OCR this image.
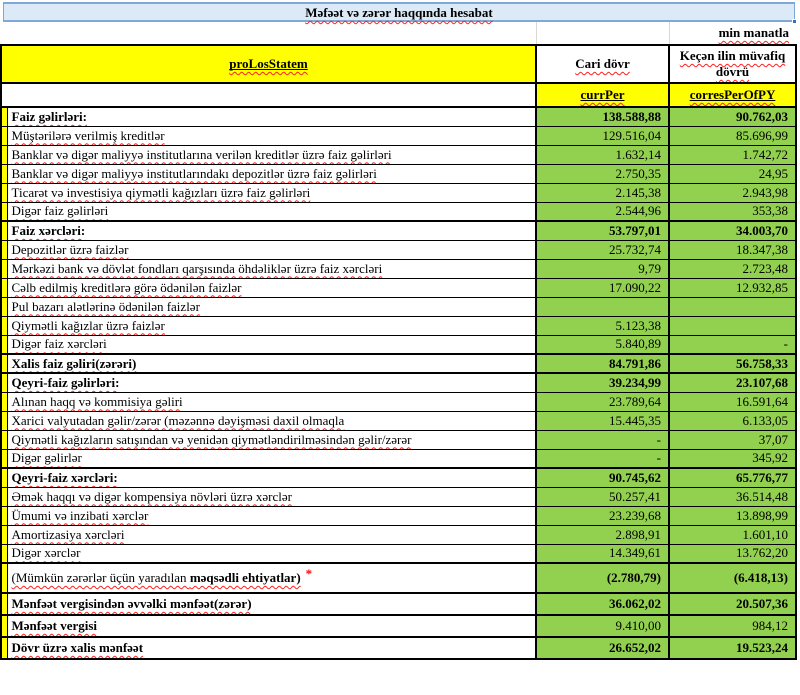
Məfəət və zərər haqqında hesabat
min manatla
proLosStatem		Cari dövr	Keçən ilin müvafiq dövrü
		currPer	corresPerOfPY
	Faiz gəlirləri:	138.588,88	90.762,03
	Müştərilərə verilmiş kreditlər	129.516,04	85.696,99
	Banklar və digər maliyyə institutlarına verilən kreditlər üzrə faiz gəlirləri	1.632,14	1.742,72
	Banklar və digər maliyyə institutlarındakı depozitlər üzrə faiz gəlirləri	2.750,35	24,95
	Ticarət və investisiya qiymətli kağızları üzrə faiz gəlirləri	2.145,38	2.943,98
	Digər faiz gəlirləri	2.544,96	353,38
	Faiz xərcləri:	53.797,01	34.003,70
	Depozitlər üzrə faizlər	25.732,74	18.347,38
	Mərkəzi bank və dövlət fondları qarşısında öhdəliklər üzrə faiz xərcləri	9,79	2.723,48
	Cəlb edilmiş kreditlərə görə ödənilən faizlər	17.090,22	12.932,85
	Pul bazarı alətlərinə ödənilən faizlər		
	Qiymətli kağızlar üzrə faizlər	5.123,38	
	Digər faiz xərcləri	5.840,89	-
	Xalis faiz gəliri(zərəri)	84.791,86	56.758,33
	Qeyri-faiz gəlirləri:	39.234,99	23.107,68
	Alınan haqq və kommisiya gəliri	23.789,64	16.591,64
	Xarici valyutadan gəlir/zərər (məzənnə dəyişməsi daxil olmaqla	15.445,35	6.133,05
	Qiymətli kağızların satışından və yenidən qiymətləndirilməsindən gəlir/zərər	-	37,07
	Digər gəlirlər	-	345,92
	Qeyri-faiz xərcləri:	90.745,62	65.776,77
	Əmək haqqı və digər kompensiya növləri üzrə xərclər	50.257,41	36.514,48
	Ümumi və inzibati xərclər	23.239,68	13.898,99
	Amortizasiya xərcləri	2.898,91	1.601,10
	Digər xərclər	14.349,61	13.762,20
	(Mümkün zərərlər üçün yaradılan məqsədli ehtiyatlar) *	(2.780,79)	(6.418,13)
	Mənfəət vergisindən əvvəlki mənfəət(zərər)	36.062,02	20.507,36
	Mənfəət vergisi	9.410,00	984,12
	Dövr üzrə xalis mənfəət	26.652,02	19.523,24
